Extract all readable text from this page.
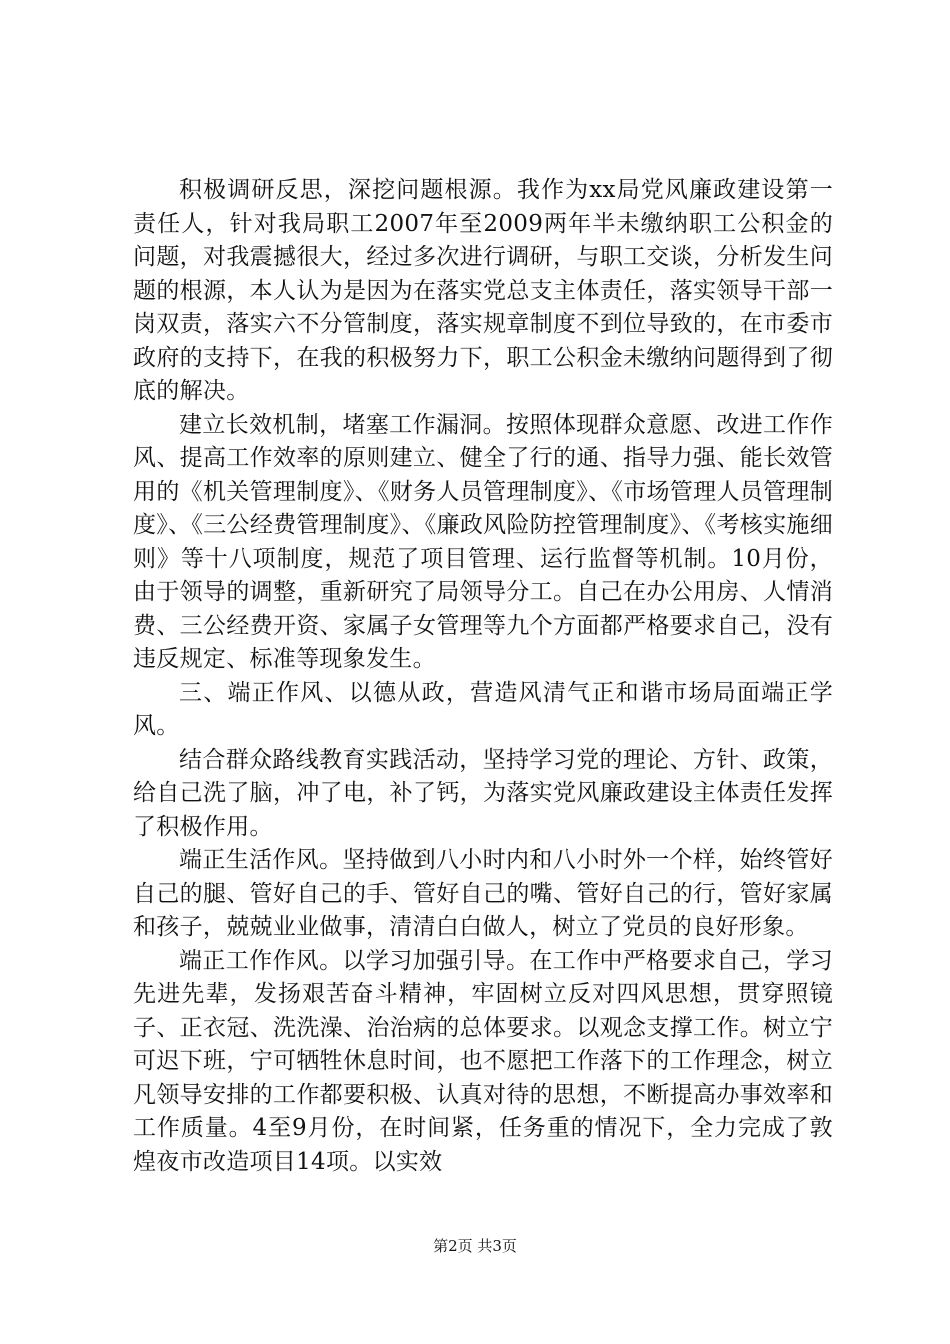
积极调研反思，深挖问题根源。我作为xx局党风廉政建设第一责任人，针对我局职工2007年至2009两年半未缴纳职工公积金的问题，对我震撼很大，经过多次进行调研，与职工交谈，分析发生问题的根源，本人认为是因为在落实党总支主体责任，落实领导干部一岗双责，落实六不分管制度，落实规章制度不到位导致的，在市委市政府的支持下，在我的积极努力下，职工公积金未缴纳问题得到了彻底的解决。

建立长效机制，堵塞工作漏洞。按照体现群众意愿、改进工作作风、提高工作效率的原则建立、健全了行的通、指导力强、能长效管用的《机关管理制度》、《财务人员管理制度》、《市场管理人员管理制度》、《三公经费管理制度》、《廉政风险防控管理制度》、《考核实施细则》等十八项制度，规范了项目管理、运行监督等机制。10月份，由于领导的调整，重新研究了局领导分工。自己在办公用房、人情消费、三公经费开资、家属子女管理等九个方面都严格要求自己，没有违反规定、标准等现象发生。

三、端正作风、以德从政，营造风清气正和谐市场局面端正学风。

结合群众路线教育实践活动，坚持学习党的理论、方针、政策，给自己洗了脑，冲了电，补了钙，为落实党风廉政建设主体责任发挥了积极作用。

端正生活作风。坚持做到八小时内和八小时外一个样，始终管好自己的腿、管好自己的手、管好自己的嘴、管好自己的行，管好家属和孩子，兢兢业业做事，清清白白做人，树立了党员的良好形象。

端正工作作风。以学习加强引导。在工作中严格要求自己，学习先进先辈，发扬艰苦奋斗精神，牢固树立反对四风思想，贯穿照镜子、正衣冠、洗洗澡、治治病的总体要求。以观念支撑工作。树立宁可迟下班，宁可牺牲休息时间，也不愿把工作落下的工作理念，树立凡领导安排的工作都要积极、认真对待的思想，不断提高办事效率和工作质量。4至9月份，在时间紧，任务重的情况下，全力完成了敦煌夜市改造项目14项。以实效

第2页 共3页
